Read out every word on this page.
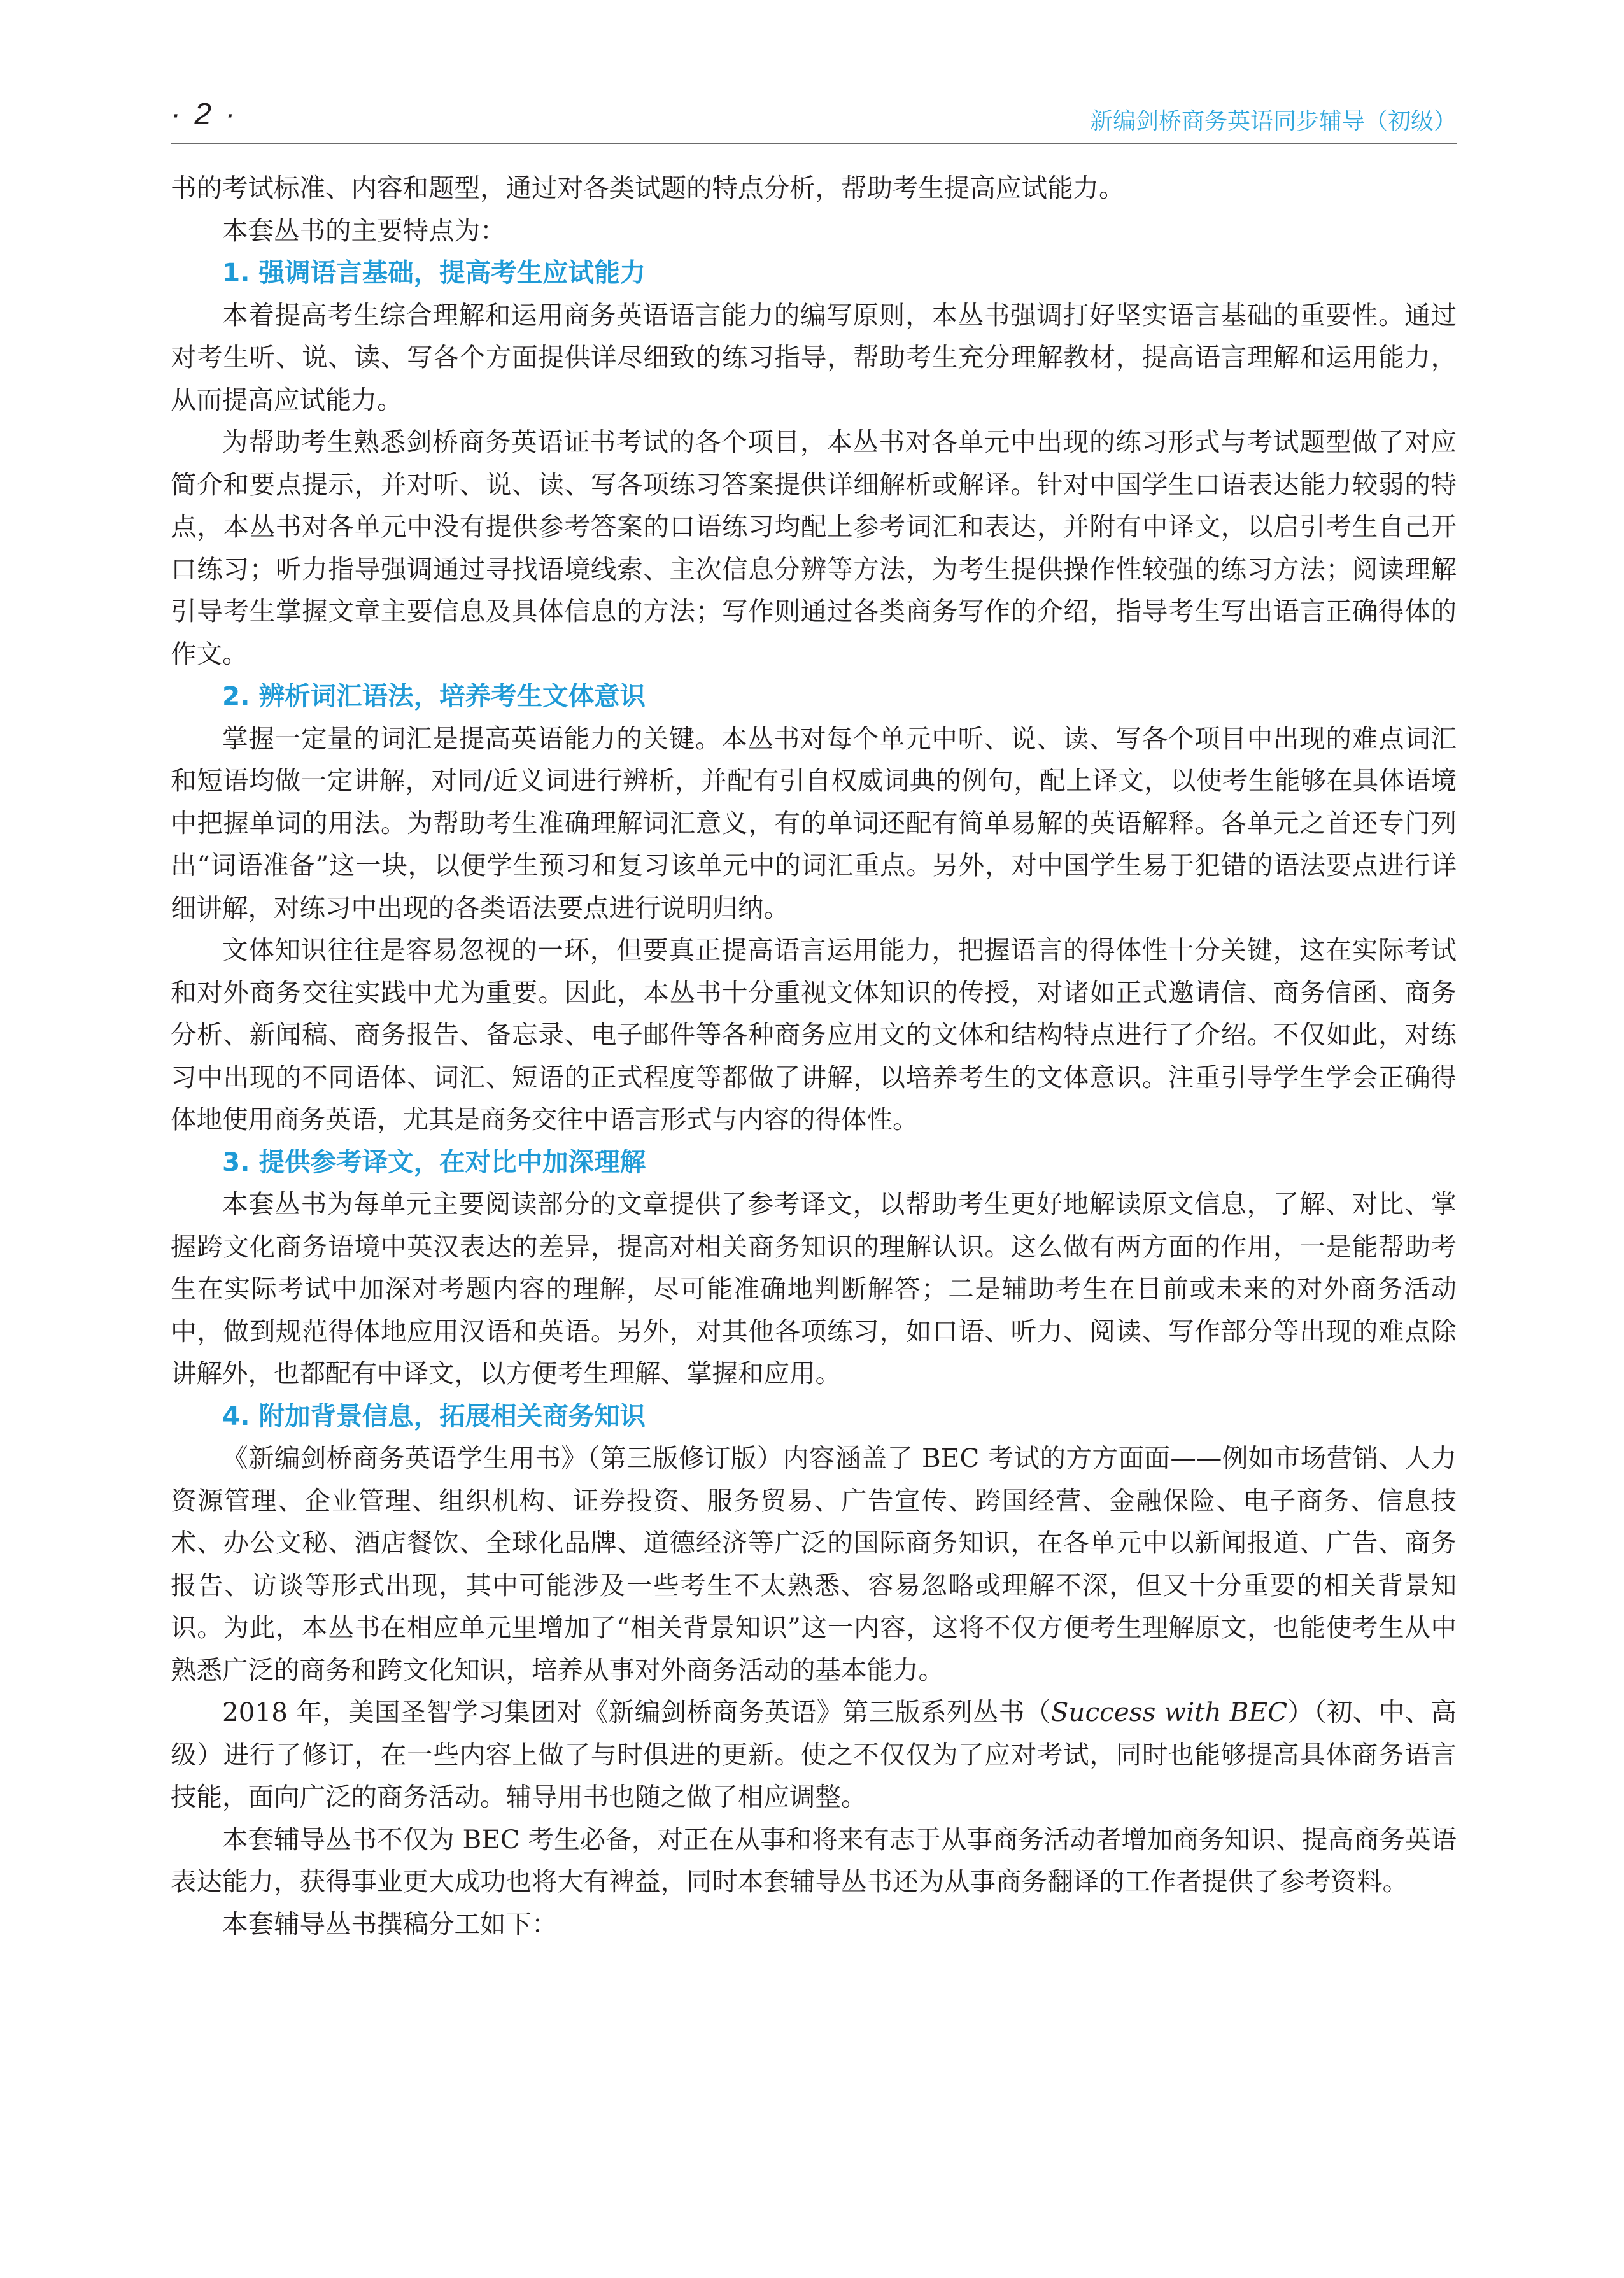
· 2 ·	新编剑桥商务英语同步辅导（初级）

书的考试标准、内容和题型，通过对各类试题的特点分析，帮助考生提高应试能力。

本套丛书的主要特点为：

1. 强调语言基础，提高考生应试能力

本着提高考生综合理解和运用商务英语语言能力的编写原则，本丛书强调打好坚实语言基础的重要性。通过对考生听、说、读、写各个方面提供详尽细致的练习指导，帮助考生充分理解教材，提高语言理解和运用能力，从而提高应试能力。

为帮助考生熟悉剑桥商务英语证书考试的各个项目，本丛书对各单元中出现的练习形式与考试题型做了对应简介和要点提示，并对听、说、读、写各项练习答案提供详细解析或解译。针对中国学生口语表达能力较弱的特点，本丛书对各单元中没有提供参考答案的口语练习均配上参考词汇和表达，并附有中译文，以启引考生自己开口练习；听力指导强调通过寻找语境线索、主次信息分辨等方法，为考生提供操作性较强的练习方法；阅读理解引导考生掌握文章主要信息及具体信息的方法；写作则通过各类商务写作的介绍，指导考生写出语言正确得体的作文。

2. 辨析词汇语法，培养考生文体意识

掌握一定量的词汇是提高英语能力的关键。本丛书对每个单元中听、说、读、写各个项目中出现的难点词汇和短语均做一定讲解，对同/近义词进行辨析，并配有引自权威词典的例句，配上译文，以使考生能够在具体语境中把握单词的用法。为帮助考生准确理解词汇意义，有的单词还配有简单易解的英语解释。各单元之首还专门列出“词语准备”这一块，以便学生预习和复习该单元中的词汇重点。另外，对中国学生易于犯错的语法要点进行详细讲解，对练习中出现的各类语法要点进行说明归纳。

文体知识往往是容易忽视的一环，但要真正提高语言运用能力，把握语言的得体性十分关键，这在实际考试和对外商务交往实践中尤为重要。因此，本丛书十分重视文体知识的传授，对诸如正式邀请信、商务信函、商务分析、新闻稿、商务报告、备忘录、电子邮件等各种商务应用文的文体和结构特点进行了介绍。不仅如此，对练习中出现的不同语体、词汇、短语的正式程度等都做了讲解，以培养考生的文体意识。注重引导学生学会正确得体地使用商务英语，尤其是商务交往中语言形式与内容的得体性。

3. 提供参考译文，在对比中加深理解

本套丛书为每单元主要阅读部分的文章提供了参考译文，以帮助考生更好地解读原文信息，了解、对比、掌握跨文化商务语境中英汉表达的差异，提高对相关商务知识的理解认识。这么做有两方面的作用，一是能帮助考生在实际考试中加深对考题内容的理解，尽可能准确地判断解答；二是辅助考生在目前或未来的对外商务活动中，做到规范得体地应用汉语和英语。另外，对其他各项练习，如口语、听力、阅读、写作部分等出现的难点除讲解外，也都配有中译文，以方便考生理解、掌握和应用。

4. 附加背景信息，拓展相关商务知识

《新编剑桥商务英语学生用书》（第三版修订版）内容涵盖了 BEC 考试的方方面面——例如市场营销、人力资源管理、企业管理、组织机构、证券投资、服务贸易、广告宣传、跨国经营、金融保险、电子商务、信息技术、办公文秘、酒店餐饮、全球化品牌、道德经济等广泛的国际商务知识，在各单元中以新闻报道、广告、商务报告、访谈等形式出现，其中可能涉及一些考生不太熟悉、容易忽略或理解不深，但又十分重要的相关背景知识。为此，本丛书在相应单元里增加了“相关背景知识”这一内容，这将不仅方便考生理解原文，也能使考生从中熟悉广泛的商务和跨文化知识，培养从事对外商务活动的基本能力。

2018 年，美国圣智学习集团对《新编剑桥商务英语》第三版系列丛书（Success with BEC）（初、中、高级）进行了修订，在一些内容上做了与时俱进的更新。使之不仅仅为了应对考试，同时也能够提高具体商务语言技能，面向广泛的商务活动。辅导用书也随之做了相应调整。

本套辅导丛书不仅为 BEC 考生必备，对正在从事和将来有志于从事商务活动者增加商务知识、提高商务英语表达能力，获得事业更大成功也将大有裨益，同时本套辅导丛书还为从事商务翻译的工作者提供了参考资料。

本套辅导丛书撰稿分工如下：
